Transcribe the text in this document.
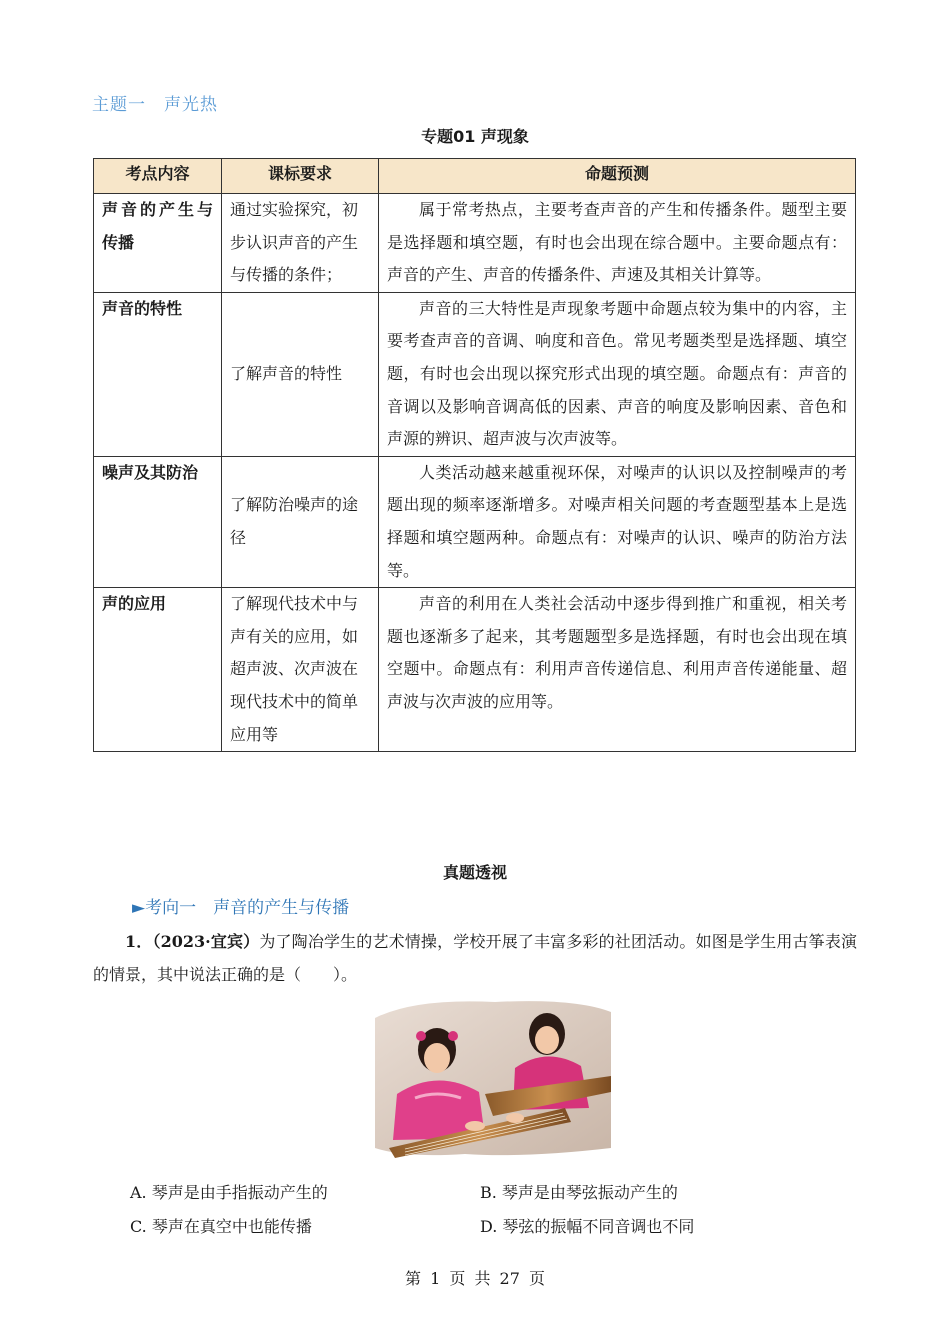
主题一　声光热
专题01 声现象
考点内容	课标要求	命题预测
声音的产生与传播	通过实验探究，初步认识声音的产生与传播的条件；	属于常考热点，主要考查声音的产生和传播条件。题型主要是选择题和填空题，有时也会出现在综合题中。主要命题点有：声音的产生、声音的传播条件、声速及其相关计算等。
声音的特性	了解声音的特性	声音的三大特性是声现象考题中命题点较为集中的内容，主要考查声音的音调、响度和音色。常见考题类型是选择题、填空题，有时也会出现以探究形式出现的填空题。命题点有：声音的音调以及影响音调高低的因素、声音的响度及影响因素、音色和声源的辨识、超声波与次声波等。
噪声及其防治	了解防治噪声的途径	人类活动越来越重视环保，对噪声的认识以及控制噪声的考题出现的频率逐渐增多。对噪声相关问题的考查题型基本上是选择题和填空题两种。命题点有：对噪声的认识、噪声的防治方法等。
声的应用	了解现代技术中与声有关的应用，如超声波、次声波在现代技术中的简单应用等	声音的利用在人类社会活动中逐步得到推广和重视，相关考题也逐渐多了起来，其考题题型多是选择题，有时也会出现在填空题中。命题点有：利用声音传递信息、利用声音传递能量、超声波与次声波的应用等。
真题透视
►考向一　声音的产生与传播
1．（2023·宜宾）为了陶冶学生的艺术情操，学校开展了丰富多彩的社团活动。如图是学生用古筝表演的情景，其中说法正确的是（　　）。
A. 琴声是由手指振动产生的	B. 琴声是由琴弦振动产生的
C. 琴声在真空中也能传播	D. 琴弦的振幅不同音调也不同
第 1 页 共 27 页
